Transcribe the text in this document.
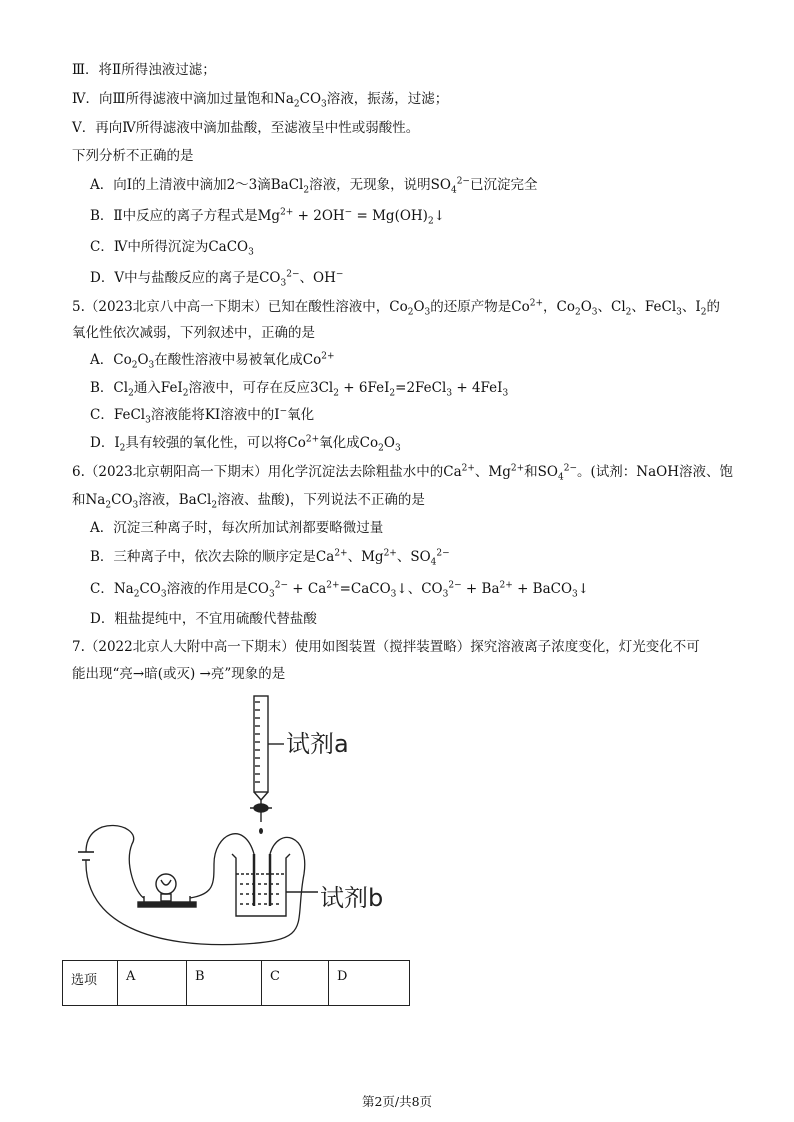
Ⅲ．将Ⅱ所得浊液过滤；
Ⅳ．向Ⅲ所得滤液中滴加过量饱和$Na_2CO_3$溶液，振荡，过滤；
Ⅴ．再向Ⅳ所得滤液中滴加盐酸，至滤液呈中性或弱酸性。
下列分析不正确的是
A．向Ⅰ的上清液中滴加2～3滴BaCl$_2$溶液，无现象，说明$SO_4^{2-}$已沉淀完全
B．Ⅱ中反应的离子方程式是$Mg^{2+} + 2OH^-$ = $Mg(OH)_2↓$
C．Ⅳ中所得沉淀为CaCO$_3$
D．Ⅴ中与盐酸反应的离子是$CO_3^{2-}$、OH−
5.（2023北京八中高一下期末）已知在酸性溶液中，$Co_2O_3$的还原产物是$Co^{2+}$，$Co_2O_3$、$Cl_2$、FeCl$_3$、$I_2$的
氧化性依次减弱，下列叙述中，正确的是
A．$Co_2O_3$在酸性溶液中易被氧化成$Co^{2+}$
B．$Cl_2$通入FeI$_2$溶液中，可存在反应$3Cl_2$ + 6FeI$_2$=2FeCl$_3$ + 4FeI$_3$
C．FeCl$_3$溶液能将KI溶液中的I−氧化
D．$I_2$具有较强的氧化性，可以将$Co^{2+}$氧化成$Co_2O_3$
6.（2023北京朝阳高一下期末）用化学沉淀法去除粗盐水中的$Ca^{2+}$、$Mg^{2+}$和$SO_4^{2-}$。(试剂：NaOH溶液、饱
和$Na_2CO_3$溶液，BaCl$_2$溶液、盐酸)，下列说法不正确的是
A．沉淀三种离子时，每次所加试剂都要略微过量
B．三种离子中，依次去除的顺序定是$Ca^{2+}$、$Mg^{2+}$、$SO_4^{2-}$
C．$Na_2CO_3$溶液的作用是$CO_3^{2-}$ + $Ca^{2+}=CaCO_3↓$、$CO_3^{2-} + Ba^{2+}$ + BaCO$_3$↓
D．粗盐提纯中，不宜用硫酸代替盐酸
7.（2022北京人大附中高一下期末）使用如图装置（搅拌装置略）探究溶液离子浓度变化，灯光变化不可
能出现“亮→暗(或灭) →亮”现象的是
试剂a
试剂b
选项	A	B	C	D
第2页/共8页
